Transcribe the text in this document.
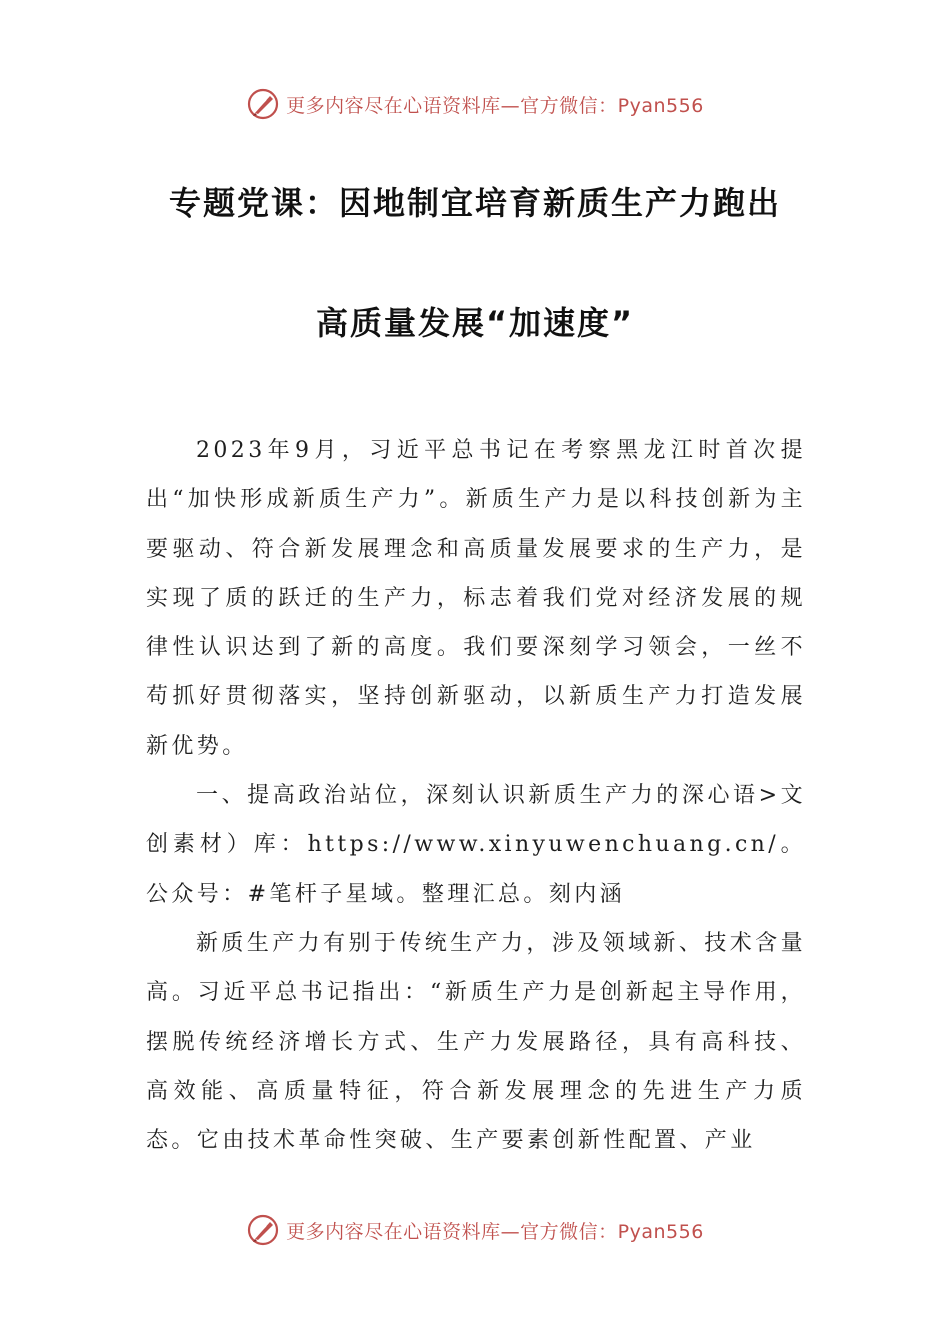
更多内容尽在心语资料库—官方微信：Pyan556
专题党课：因地制宜培育新质生产力跑出
高质量发展“加速度”

2023年9月，习近平总书记在考察黑龙江时首次提出“加快形成新质生产力”。新质生产力是以科技创新为主要驱动、符合新发展理念和高质量发展要求的生产力，是实现了质的跃迁的生产力，标志着我们党对经济发展的规律性认识达到了新的高度。我们要深刻学习领会，一丝不苟抓好贯彻落实，坚持创新驱动，以新质生产力打造发展新优势。

一、提高政治站位，深刻认识新质生产力的深心语>文创素材）库：https://www.xinyuwenchuang.cn/。公众号：#笔杆子星域。整理汇总。刻内涵

新质生产力有别于传统生产力，涉及领域新、技术含量高。习近平总书记指出：“新质生产力是创新起主导作用，摆脱传统经济增长方式、生产力发展路径，具有高科技、高效能、高质量特征，符合新发展理念的先进生产力质态。它由技术革命性突破、生产要素创新性配置、产业

更多内容尽在心语资料库—官方微信：Pyan556
